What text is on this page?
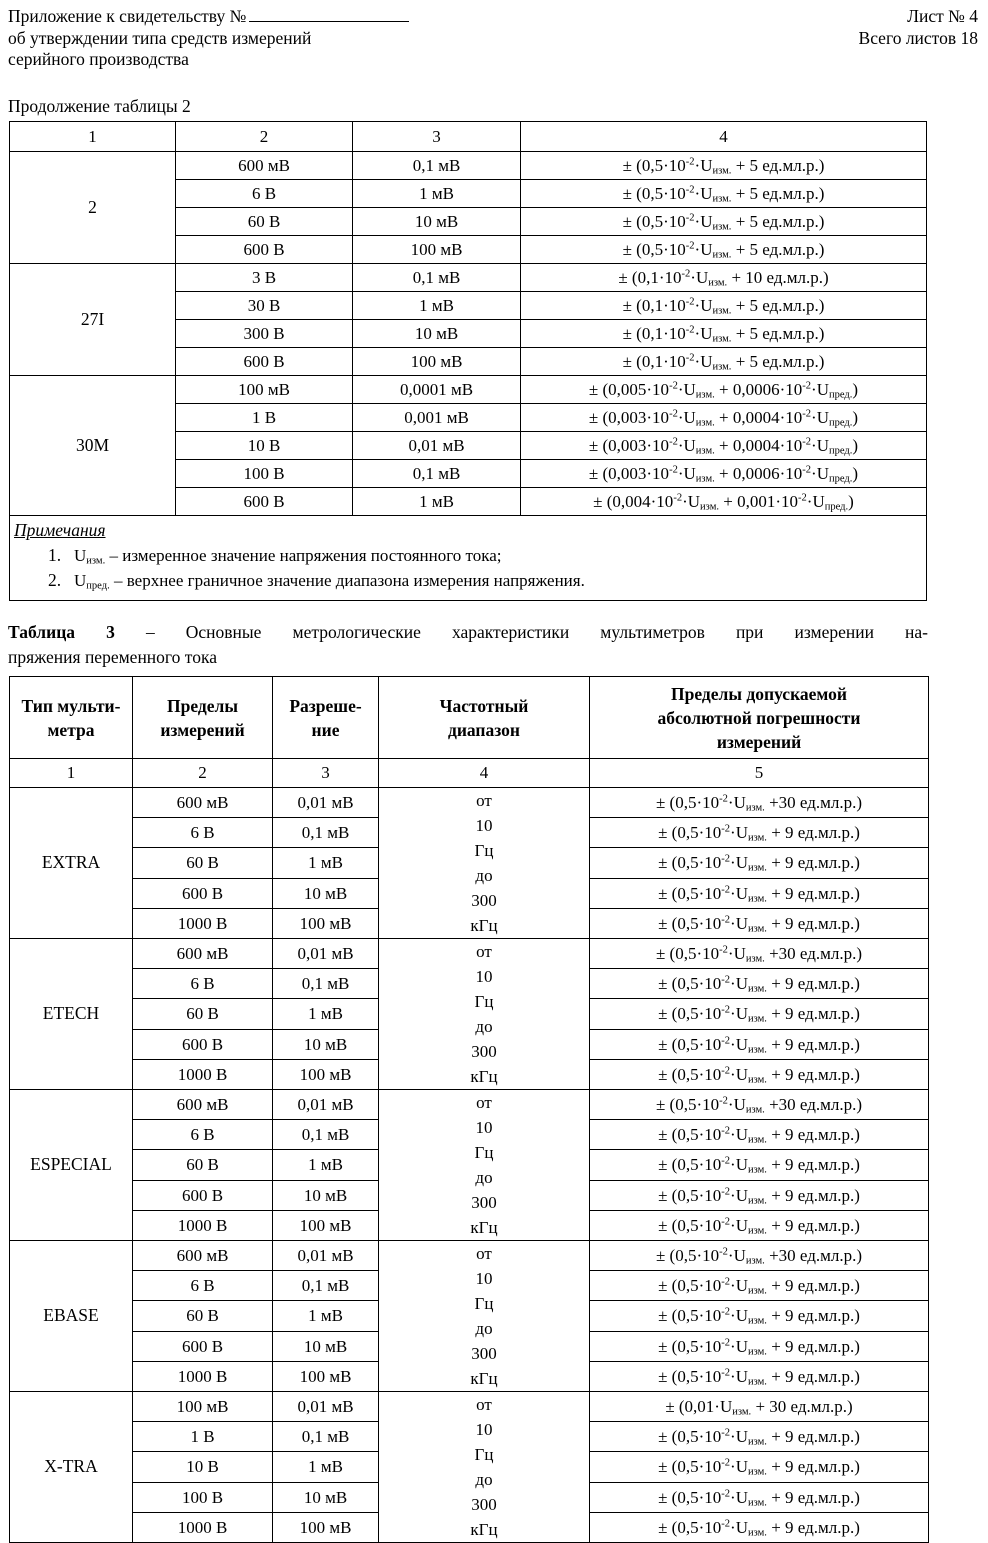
Приложение к свидетельству №
об утверждении типа средств измерений
серийного производства
Лист № 4
Всего листов 18
Продолжение таблицы 2
1	2	3	4
2	600 мВ	0,1 мВ	± ($0,5\cdot 10^{-2}\cdot U_{изм.} + 5$ ед.мл.р.)
	6 В	1 мВ	± ($0,5\cdot 10^{-2}\cdot U_{изм.} + 5$ ед.мл.р.)
	60 В	10 мВ	± ($0,5\cdot 10^{-2}\cdot U_{изм.} + 5$ ед.мл.р.)
	600 В	100 мВ	± ($0,5\cdot 10^{-2}\cdot U_{изм.} + 5$ ед.мл.р.)
27I	3 В	0,1 мВ	± ($0,1\cdot 10^{-2}\cdot U_{изм.} + 10$ ед.мл.р.)
	30 В	1 мВ	± ($0,1\cdot 10^{-2}\cdot U_{изм.} + 5$ ед.мл.р.)
	300 В	10 мВ	± ($0,1\cdot 10^{-2}\cdot U_{изм.} + 5$ ед.мл.р.)
	600 В	100 мВ	± ($0,1\cdot 10^{-2}\cdot U_{изм.} + 5$ ед.мл.р.)
30M	100 мВ	0,0001 мВ	± $(0,005\cdot 10^{-2}\cdot U_{изм.} + 0,0006\cdot 10^{-2}\cdot U_{пред.})$
	1 В	0,001 мВ	± $(0,003\cdot 10^{-2}\cdot U_{изм.} + 0,0004\cdot 10^{-2}\cdot U_{пред.})$
	10 В	0,01 мВ	± $(0,003\cdot 10^{-2}\cdot U_{изм.} + 0,0004\cdot 10^{-2}\cdot U_{пред.})$
	100 В	0,1 мВ	± $(0,003\cdot 10^{-2}\cdot U_{изм.} + 0,0006\cdot 10^{-2}\cdot U_{пред.})$
	600 В	1 мВ	± $(0,004\cdot 10^{-2}\cdot U_{изм.} + 0,001\cdot 10^{-2}\cdot U_{пред.})$

Примечания
1. $U_{изм.}$ – измеренное значение напряжения постоянного тока;
2. $U_{пред.}$ – верхнее граничное значение диапазона измерения напряжения.
Таблица 3 – Основные метрологические характеристики мультиметров при измерении на-
пряжения переменного тока
Тип мульти-
метра	Пределы
измерений	Разреше-
ние	Частотный
диапазон	Пределы допускаемой
абсолютной погрешности
измерений
1	2	3	4	5
EXTRA	600 мВ	0,01 мВ	от
10
Гц
до
300
кГц	± ($0,5\cdot 10^{-2}\cdot U_{изм.} +30$ ед.мл.р.)
	6 В	0,1 мВ		± ($0,5\cdot 10^{-2}\cdot U_{изм.} + 9$ ед.мл.р.)
	60 В	1 мВ		± ($0,5\cdot 10^{-2}\cdot U_{изм.} + 9$ ед.мл.р.)
	600 В	10 мВ		± ($0,5\cdot 10^{-2}\cdot U_{изм.} + 9$ ед.мл.р.)
	1000 В	100 мВ		± ($0,5\cdot 10^{-2}\cdot U_{изм.} + 9$ ед.мл.р.)
ETECH	600 мВ	0,01 мВ	от
10
Гц
до
300
кГц	± ($0,5\cdot 10^{-2}\cdot U_{изм.} +30$ ед.мл.р.)
	6 В	0,1 мВ		± ($0,5\cdot 10^{-2}\cdot U_{изм.} + 9$ ед.мл.р.)
	60 В	1 мВ		± ($0,5\cdot 10^{-2}\cdot U_{изм.} + 9$ ед.мл.р.)
	600 В	10 мВ		± ($0,5\cdot 10^{-2}\cdot U_{изм.} + 9$ ед.мл.р.)
	1000 В	100 мВ		± ($0,5\cdot 10^{-2}\cdot U_{изм.} + 9$ ед.мл.р.)
ESPECIAL	600 мВ	0,01 мВ	от
10
Гц
до
300
кГц	± ($0,5\cdot 10^{-2}\cdot U_{изм.} +30$ ед.мл.р.)
	6 В	0,1 мВ		± ($0,5\cdot 10^{-2}\cdot U_{изм.} + 9$ ед.мл.р.)
	60 В	1 мВ		± ($0,5\cdot 10^{-2}\cdot U_{изм.} + 9$ ед.мл.р.)
	600 В	10 мВ		± ($0,5\cdot 10^{-2}\cdot U_{изм.} + 9$ ед.мл.р.)
	1000 В	100 мВ		± ($0,5\cdot 10^{-2}\cdot U_{изм.} + 9$ ед.мл.р.)
EBASE	600 мВ	0,01 мВ	от
10
Гц
до
300
кГц	± ($0,5\cdot 10^{-2}\cdot U_{изм.} +30$ ед.мл.р.)
	6 В	0,1 мВ		± ($0,5\cdot 10^{-2}\cdot U_{изм.} + 9$ ед.мл.р.)
	60 В	1 мВ		± ($0,5\cdot 10^{-2}\cdot U_{изм.} + 9$ ед.мл.р.)
	600 В	10 мВ		± ($0,5\cdot 10^{-2}\cdot U_{изм.} + 9$ ед.мл.р.)
	1000 В	100 мВ		± ($0,5\cdot 10^{-2}\cdot U_{изм.} + 9$ ед.мл.р.)
X-TRA	100 мВ	0,01 мВ	от
10
Гц
до
300
кГц	± ($0,01\cdot U_{изм.} + 30$ ед.мл.р.)
	1 В	0,1 мВ		± ($0,5\cdot 10^{-2}\cdot U_{изм.} + 9$ ед.мл.р.)
	10 В	1 мВ		± ($0,5\cdot 10^{-2}\cdot U_{изм.} + 9$ ед.мл.р.)
	100 В	10 мВ		± ($0,5\cdot 10^{-2}\cdot U_{изм.} + 9$ ед.мл.р.)
	1000 В	100 мВ		± ($0,5\cdot 10^{-2}\cdot U_{изм.} + 9$ ед.мл.р.)
